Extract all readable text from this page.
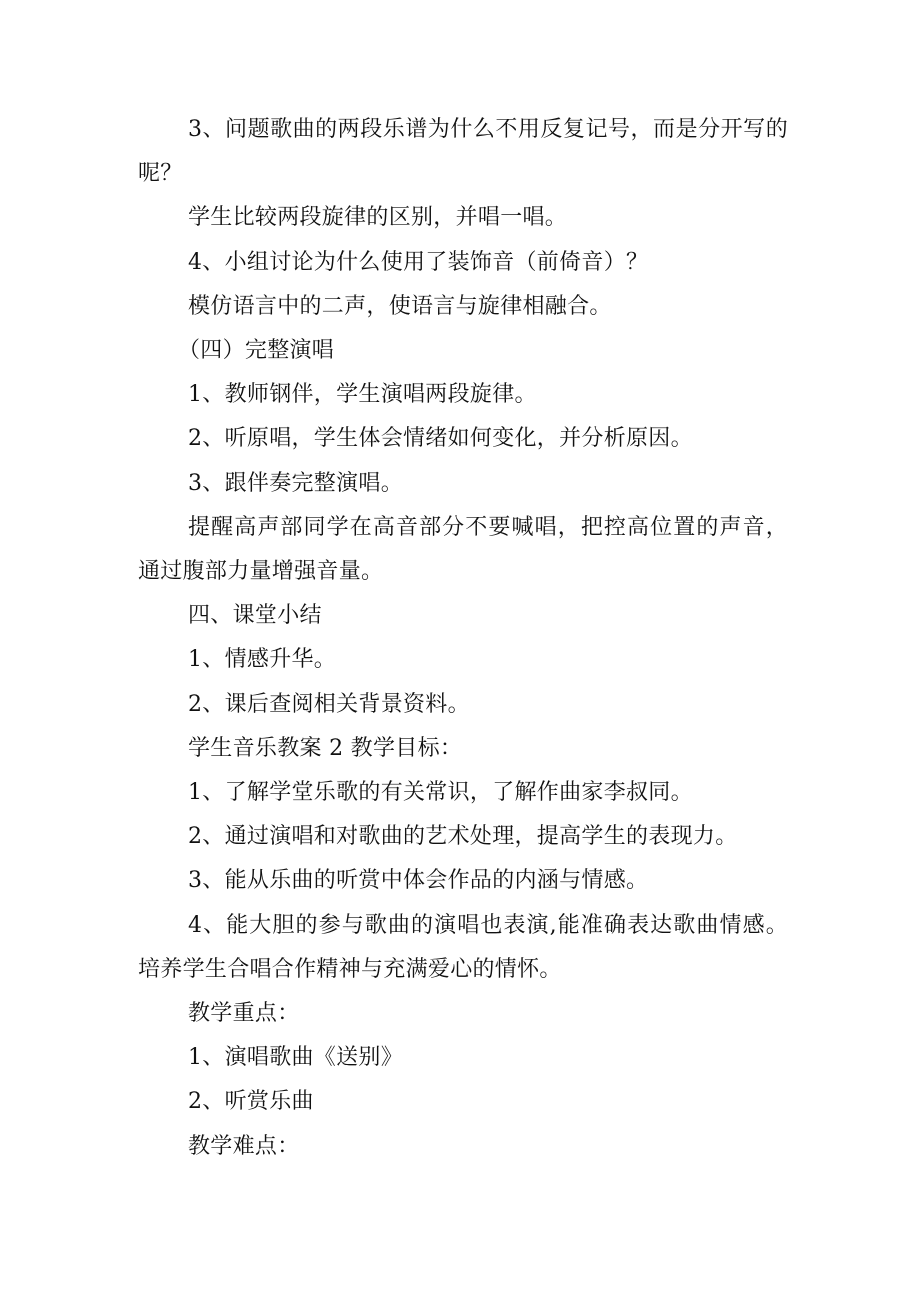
3、问题歌曲的两段乐谱为什么不用反复记号，而是分开写的呢？

学生比较两段旋律的区别，并唱一唱。

4、小组讨论为什么使用了装饰音（前倚音）？

模仿语言中的二声，使语言与旋律相融合。

（四）完整演唱

1、教师钢伴，学生演唱两段旋律。

2、听原唱，学生体会情绪如何变化，并分析原因。

3、跟伴奏完整演唱。

提醒高声部同学在高音部分不要喊唱，把控高位置的声音，通过腹部力量增强音量。

四、课堂小结

1、情感升华。

2、课后查阅相关背景资料。

学生音乐教案 2 教学目标：

1、了解学堂乐歌的有关常识，了解作曲家李叔同。

2、通过演唱和对歌曲的艺术处理，提高学生的表现力。

3、能从乐曲的听赏中体会作品的内涵与情感。

4、能大胆的参与歌曲的演唱也表演,能准确表达歌曲情感。培养学生合唱合作精神与充满爱心的情怀。

教学重点：

1、演唱歌曲《送别》

2、听赏乐曲

教学难点：
